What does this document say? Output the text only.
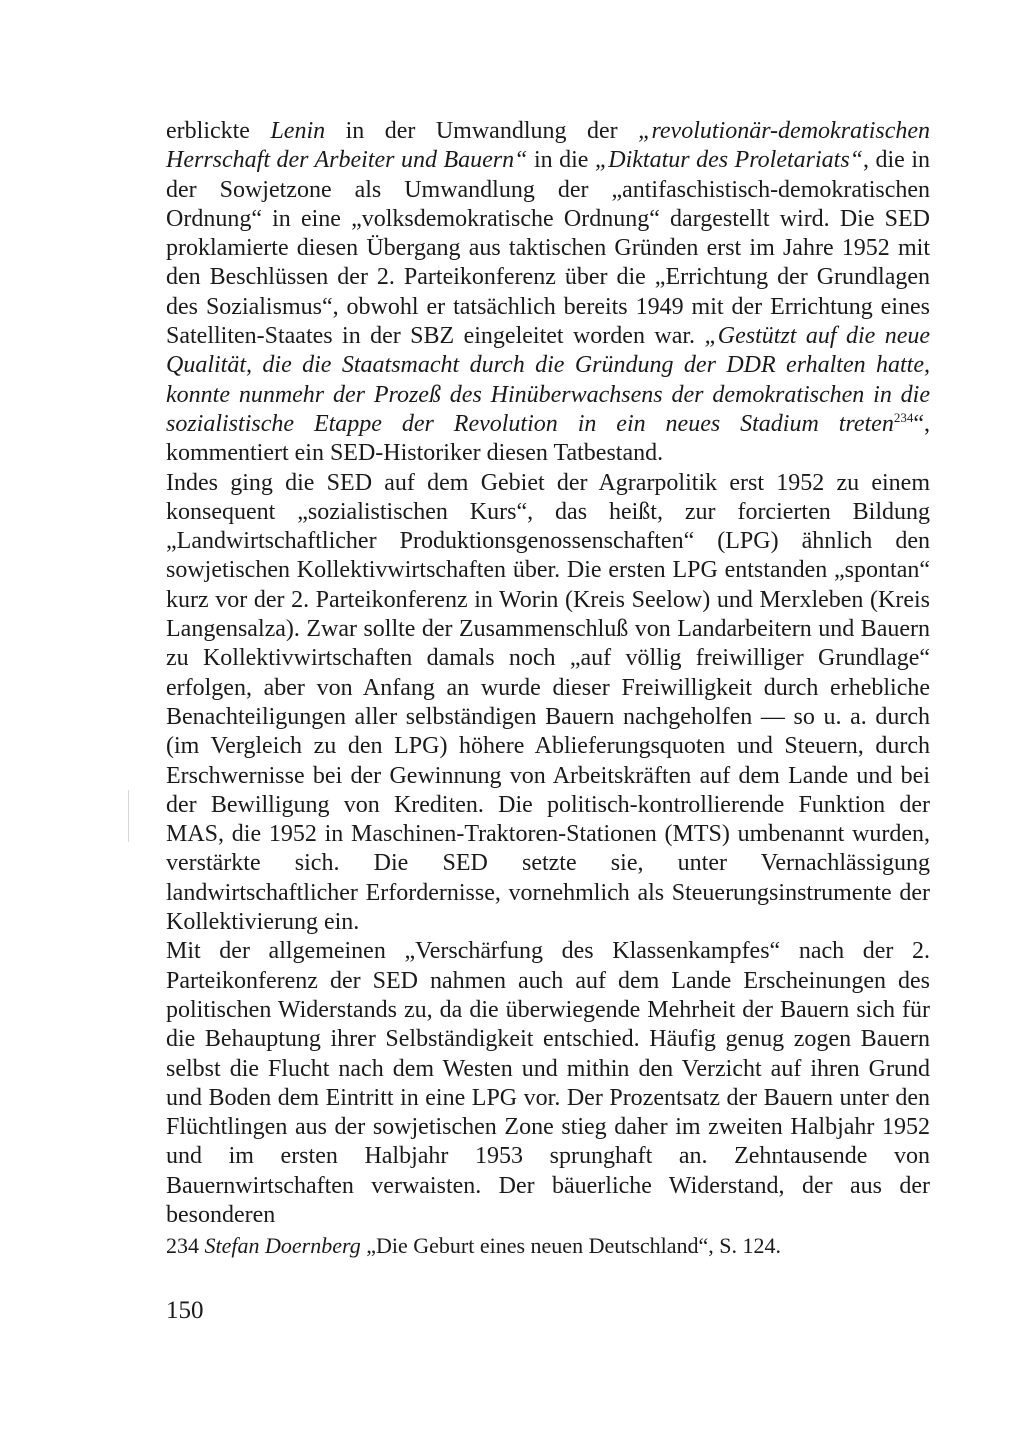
erblickte Lenin in der Umwandlung der „revolutionär-demokratischen Herrschaft der Arbeiter und Bauern“ in die „Diktatur des Proletariats“, die in der Sowjetzone als Umwandlung der „antifaschistisch-demokratischen Ordnung“ in eine „volksdemokratische Ordnung“ dargestellt wird. Die SED proklamierte diesen Übergang aus taktischen Gründen erst im Jahre 1952 mit den Beschlüssen der 2. Parteikonferenz über die „Errichtung der Grundlagen des Sozialismus“, obwohl er tatsächlich bereits 1949 mit der Errichtung eines Satelliten-Staates in der SBZ eingeleitet worden war. „Gestützt auf die neue Qualität, die die Staatsmacht durch die Gründung der DDR erhalten hatte, konnte nunmehr der Prozeß des Hinüberwachsens der demokratischen in die sozialistische Etappe der Revolution in ein neues Stadium treten$^{234}$“, kommentiert ein SED-Historiker diesen Tatbestand.

Indes ging die SED auf dem Gebiet der Agrarpolitik erst 1952 zu einem konsequent „sozialistischen Kurs“, das heißt, zur forcierten Bildung „Landwirtschaftlicher Produktionsgenossenschaften“ (LPG) ähnlich den sowjetischen Kollektivwirtschaften über. Die ersten LPG entstanden „spontan“ kurz vor der 2. Parteikonferenz in Worin (Kreis Seelow) und Merxleben (Kreis Langensalza). Zwar sollte der Zusammenschluß von Landarbeitern und Bauern zu Kollektivwirtschaften damals noch „auf völlig freiwilliger Grundlage“ erfolgen, aber von Anfang an wurde dieser Freiwilligkeit durch erhebliche Benachteiligungen aller selbständigen Bauern nachgeholfen — so u. a. durch (im Vergleich zu den LPG) höhere Ablieferungsquoten und Steuern, durch Erschwernisse bei der Gewinnung von Arbeitskräften auf dem Lande und bei der Bewilligung von Krediten. Die politisch-kontrollierende Funktion der MAS, die 1952 in Maschinen-Traktoren-Stationen (MTS) umbenannt wurden, verstärkte sich. Die SED setzte sie, unter Vernachlässigung landwirtschaftlicher Erfordernisse, vornehmlich als Steuerungsinstrumente der Kollektivierung ein.

Mit der allgemeinen „Verschärfung des Klassenkampfes“ nach der 2. Parteikonferenz der SED nahmen auch auf dem Lande Erscheinungen des politischen Widerstands zu, da die überwiegende Mehrheit der Bauern sich für die Behauptung ihrer Selbständigkeit entschied. Häufig genug zogen Bauern selbst die Flucht nach dem Westen und mithin den Verzicht auf ihren Grund und Boden dem Eintritt in eine LPG vor. Der Prozentsatz der Bauern unter den Flüchtlingen aus der sowjetischen Zone stieg daher im zweiten Halbjahr 1952 und im ersten Halbjahr 1953 sprunghaft an. Zehntausende von Bauernwirtschaften verwaisten. Der bäuerliche Widerstand, der aus der besonderen

234 Stefan Doernberg „Die Geburt eines neuen Deutschland“, S. 124.

150
